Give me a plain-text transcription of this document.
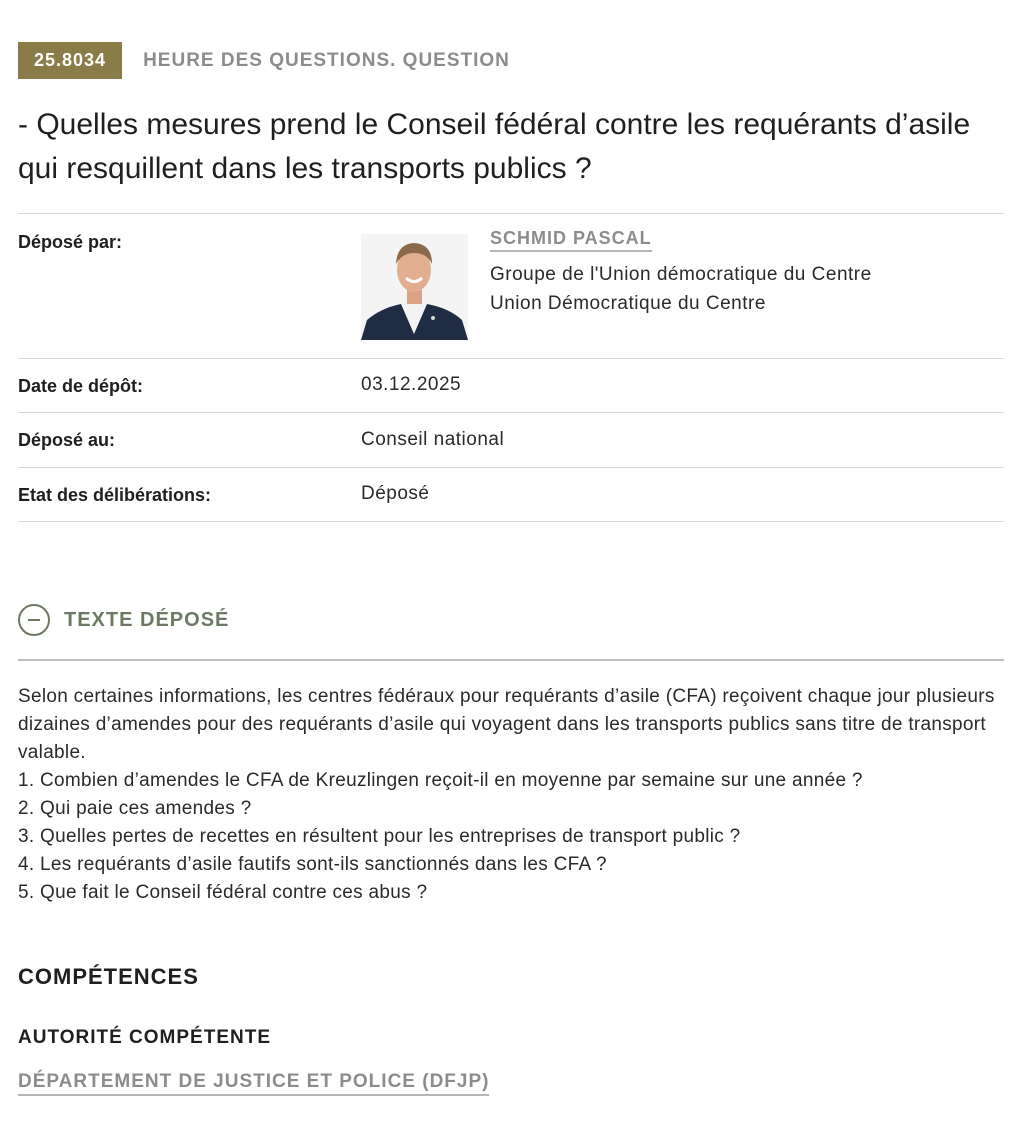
25.8034	HEURE DES QUESTIONS. QUESTION
- Quelles mesures prend le Conseil fédéral contre les requérants d’asile qui resquillent dans les transports publics ?
Déposé par:	SCHMID PASCAL
Groupe de l'Union démocratique du Centre
Union Démocratique du Centre
Date de dépôt:	03.12.2025
Déposé au:	Conseil national
Etat des délibérations:	Déposé
TEXTE DÉPOSÉ

Selon certaines informations, les centres fédéraux pour requérants d’asile (CFA) reçoivent chaque jour plusieurs dizaines d’amendes pour des requérants d’asile qui voyagent dans les transports publics sans titre de transport valable.

1. Combien d’amendes le CFA de Kreuzlingen reçoit-il en moyenne par semaine sur une année ?

2. Qui paie ces amendes ?

3. Quelles pertes de recettes en résultent pour les entreprises de transport public ?

4. Les requérants d’asile fautifs sont-ils sanctionnés dans les CFA ?

5. Que fait le Conseil fédéral contre ces abus ?

COMPÉTENCES
AUTORITÉ COMPÉTENTE
DÉPARTEMENT DE JUSTICE ET POLICE (DFJP)
